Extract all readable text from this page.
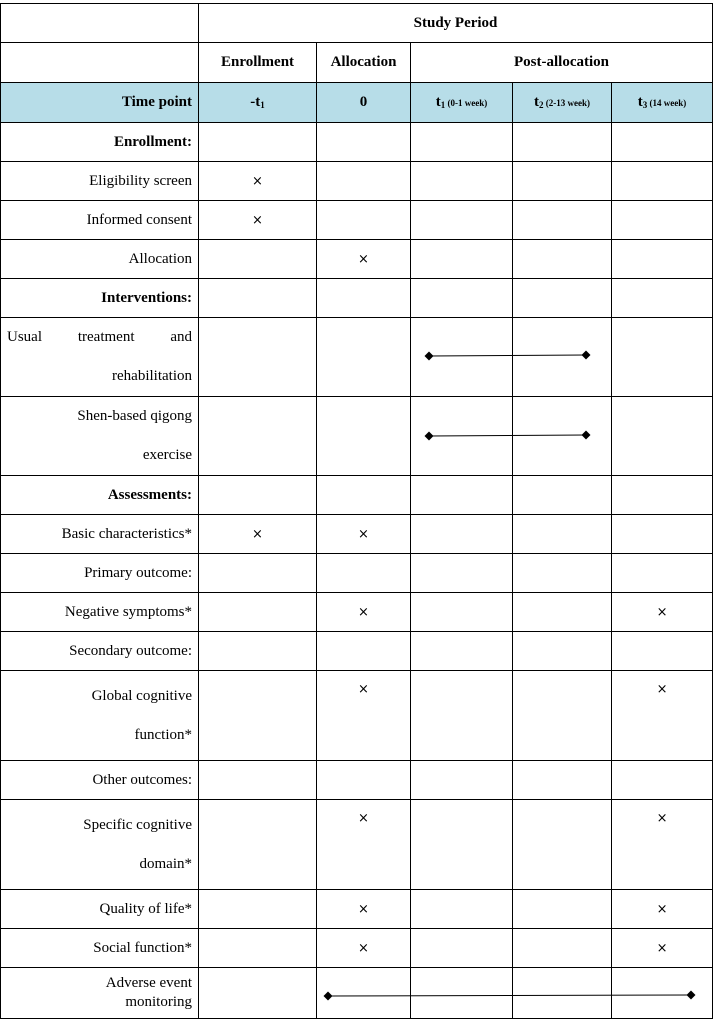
	Study Period				
	Enrollment	Allocation	Post-allocation		
Time point	$-t_1$	0	$t_1$ (0-1 week)	$t_2$ (2-13 week)	$t_3$ (14 week)
Enrollment:					
Eligibility screen	×				
Informed consent	×				
Allocation		×			
Interventions:					

Usual treatment and
rehabilitation

Shen-based qigong
exercise

Assessments:					
Basic characteristics*	×	×			
Primary outcome:					
Negative symptoms*		×			×
Secondary outcome:					

Global cognitive
function*		×			×
Other outcomes:					

Specific cognitive
domain*		×			×
Quality of life*		×			×
Social function*		×			×

Adverse event
monitoring
